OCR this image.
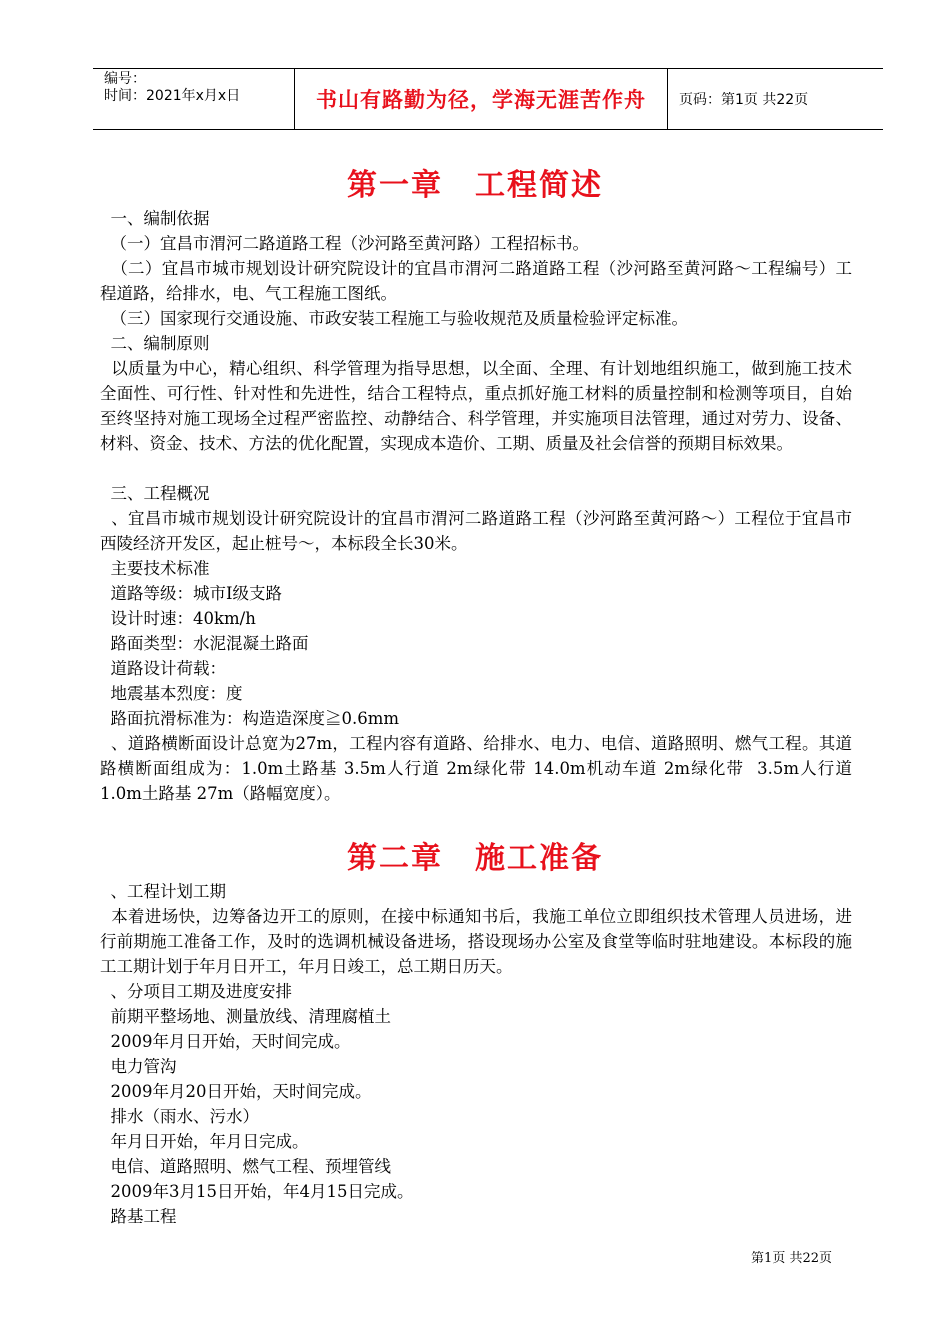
编号：
时间：2021年x月x日	书山有路勤为径，学海无涯苦作舟	页码：第1页 共22页
第一章　工程简述
一、编制依据
（一）宜昌市渭河二路道路工程（沙河路至黄河路）工程招标书。
（二）宜昌市城市规划设计研究院设计的宜昌市渭河二路道路工程（沙河路至黄河路～工程编号）工程道路，给排水，电、气工程施工图纸。
（三）国家现行交通设施、市政安装工程施工与验收规范及质量检验评定标准。
二、编制原则
以质量为中心，精心组织、科学管理为指导思想，以全面、全理、有计划地组织施工，做到施工技术全面性、可行性、针对性和先进性，结合工程特点，重点抓好施工材料的质量控制和检测等项目，自始至终坚持对施工现场全过程严密监控、动静结合、科学管理，并实施项目法管理，通过对劳力、设备、材料、资金、技术、方法的优化配置，实现成本造价、工期、质量及社会信誉的预期目标效果。
三、工程概况
、宜昌市城市规划设计研究院设计的宜昌市渭河二路道路工程（沙河路至黄河路～）工程位于宜昌市西陵经济开发区，起止桩号～，本标段全长30米。
主要技术标准
道路等级：城市Ⅰ级支路
设计时速：40km/h
路面类型：水泥混凝土路面
道路设计荷载：
地震基本烈度：度
路面抗滑标准为：构造造深度≧0.6mm
、道路横断面设计总宽为27m，工程内容有道路、给排水、电力、电信、道路照明、燃气工程。其道路横断面组成为：1.0m土路基 3.5m人行道 2m绿化带 14.0m机动车道 2m绿化带  3.5m人行道 1.0m土路基 27m（路幅宽度）。
第二章　施工准备
、工程计划工期
本着进场快，边筹备边开工的原则，在接中标通知书后，我施工单位立即组织技术管理人员进场，进行前期施工准备工作，及时的选调机械设备进场，搭设现场办公室及食堂等临时驻地建设。本标段的施工工期计划于年月日开工，年月日竣工，总工期日历天。
、分项目工期及进度安排
前期平整场地、测量放线、清理腐植土
2009年月日开始，天时间完成。
电力管沟
2009年月20日开始，天时间完成。
排水（雨水、污水）
年月日开始，年月日完成。
电信、道路照明、燃气工程、预埋管线
2009年3月15日开始，年4月15日完成。
路基工程
第1页 共22页
